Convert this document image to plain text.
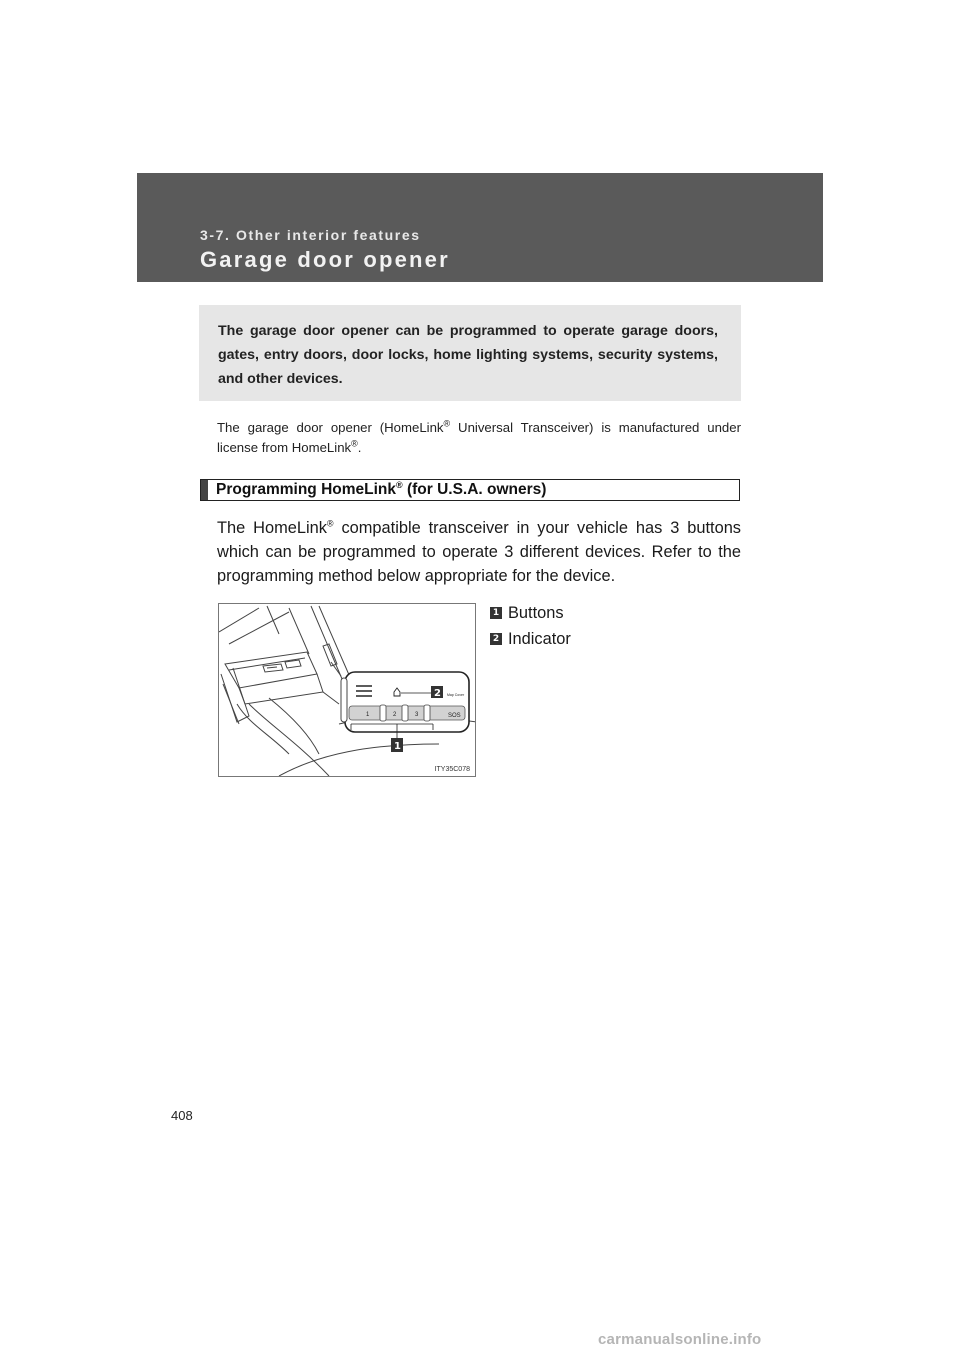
3-7. Other interior features
Garage door opener
The garage door opener can be programmed to operate garage doors, gates, entry doors, door locks, home lighting systems, security systems, and other devices.
The garage door opener (HomeLink® Universal Transceiver) is manufactured under license from HomeLink®.
Programming HomeLink® (for U.S.A. owners)
The HomeLink® compatible transceiver in your vehicle has 3 buttons which can be programmed to operate 3 different devices. Refer to the programming method below appropriate for the device.
1	2	3	SOS
Map Cover
2
1
ITY35C078
1 Buttons
2 Indicator
408
carmanualsonline.info
